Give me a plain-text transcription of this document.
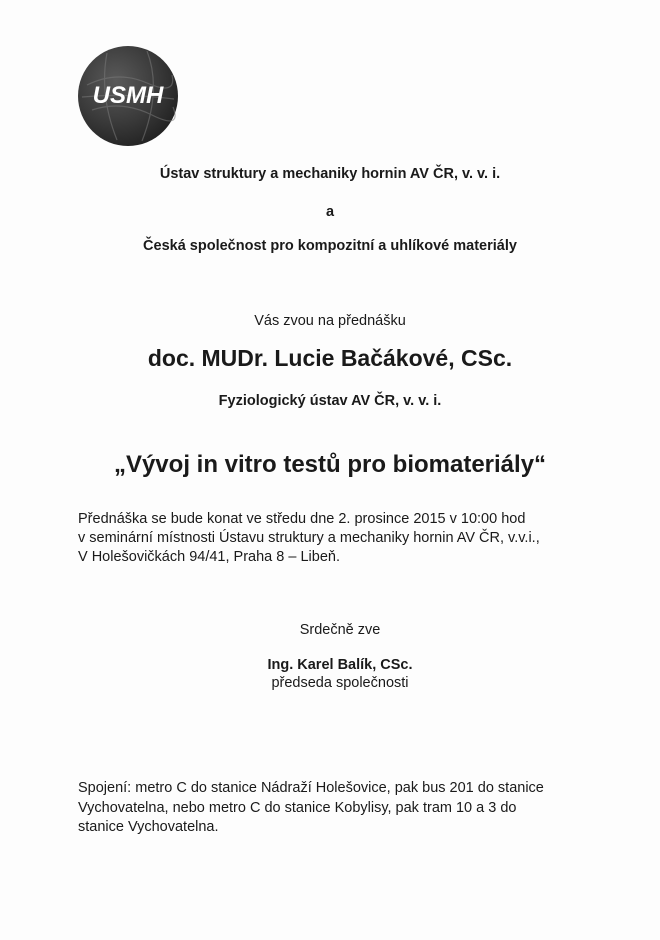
USMH
Ústav struktury a mechaniky hornin AV ČR, v. v. i.
a
Česká společnost pro kompozitní a uhlíkové materiály
Vás zvou na přednášku
doc. MUDr. Lucie Bačákové, CSc.
Fyziologický ústav AV ČR, v. v. i.
„Vývoj in vitro testů pro biomateriály“
Přednáška se bude konat ve středu dne 2. prosince 2015 v 10:00 hod
v seminární místnosti Ústavu struktury a mechaniky hornin AV ČR, v.v.i.,
V Holešovičkách 94/41, Praha 8 – Libeň.
Srdečně zve
Ing. Karel Balík, CSc.
předseda společnosti
Spojení: metro C do stanice Nádraží Holešovice, pak bus 201 do stanice
Vychovatelna, nebo metro C do stanice Kobylisy, pak tram 10 a 3 do
stanice Vychovatelna.
